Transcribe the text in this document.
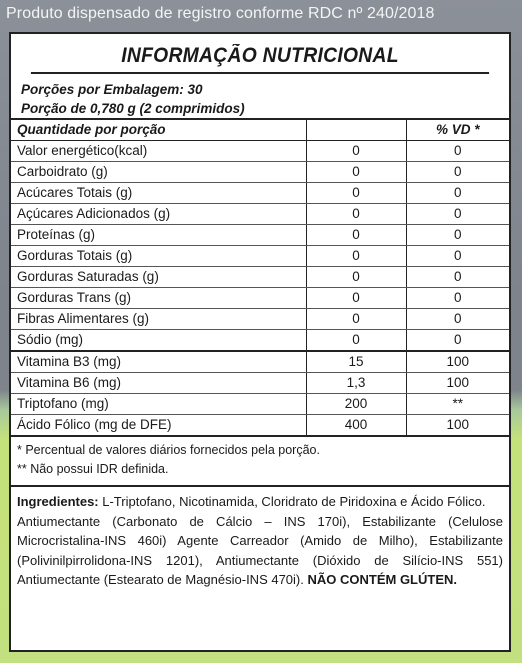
Produto dispensado de registro conforme RDC nº 240/2018
INFORMAÇÃO NUTRICIONAL
Porções por Embalagem: 30
Porção de 0,780 g (2 comprimidos)
Quantidade por porção		% VD *
Valor energético(kcal)	0	0
Carboidrato (g)	0	0
Acúcares Totais (g)	0	0
Açúcares Adicionados (g)	0	0
Proteínas (g)	0	0
Gorduras Totais (g)	0	0
Gorduras Saturadas (g)	0	0
Gorduras Trans (g)	0	0
Fibras Alimentares (g)	0	0
Sódio (mg)	0	0
Vitamina B3 (mg)	15	100
Vitamina B6 (mg)	1,3	100
Triptofano (mg)	200	**
Ácido Fólico (mg de DFE)	400	100
* Percentual de valores diários fornecidos pela porção.
** Não possui IDR definida.
Ingredientes: L-Triptofano, Nicotinamida, Cloridrato de Piridoxina e Ácido Fólico.
Antiumectante (Carbonato de Cálcio – INS 170i), Estabilizante (Celulose Microcristalina-INS 460i) Agente Carreador (Amido de Milho), Estabilizante (Polivinilpirrolidona-INS 1201), Antiumectante (Dióxido de Silício-INS 551) Antiumectante (Estearato de Magnésio-INS 470i). NÃO CONTÉM GLÚTEN.
